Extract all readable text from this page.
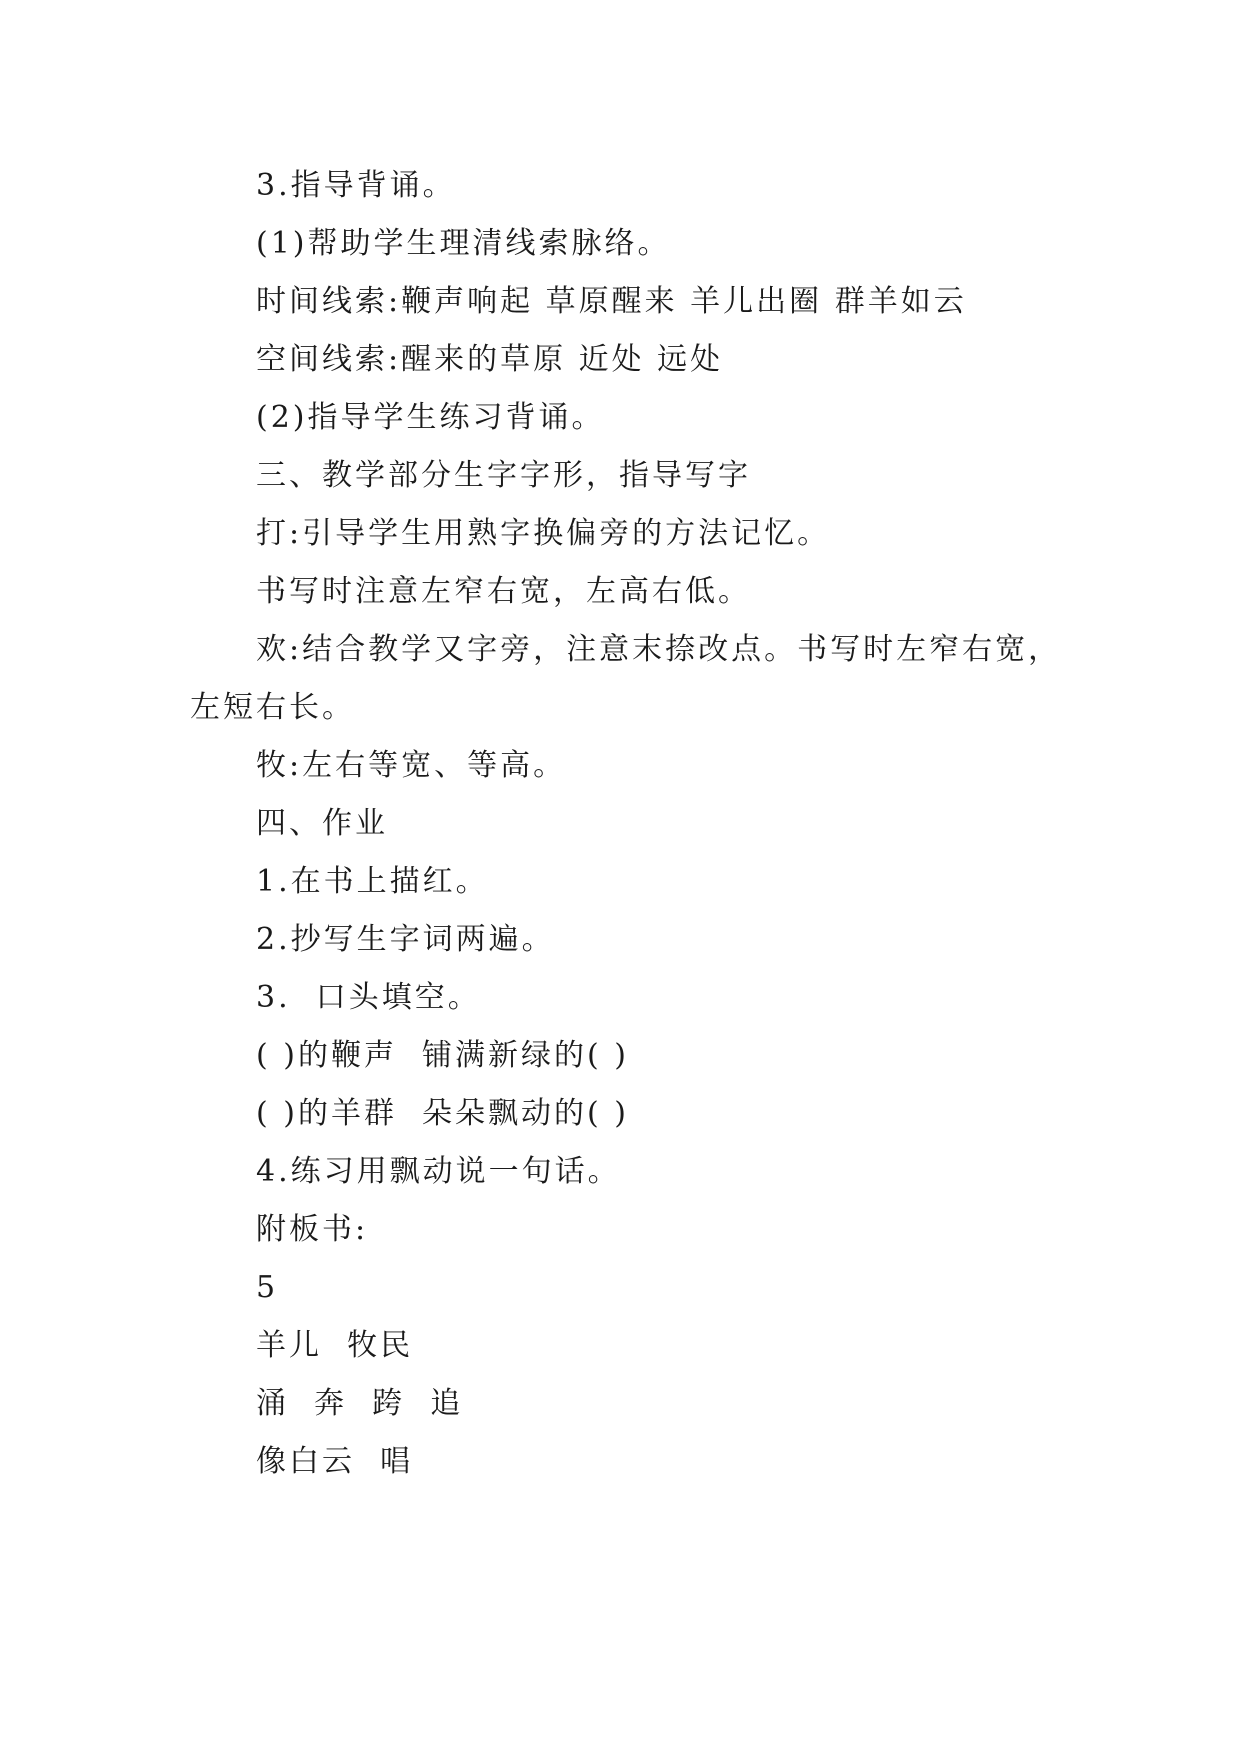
3.指导背诵。
(1)帮助学生理清线索脉络。
时间线索:鞭声响起 草原醒来 羊儿出圈 群羊如云
空间线索:醒来的草原 近处 远处
(2)指导学生练习背诵。
三、教学部分生字字形，指导写字
打:引导学生用熟字换偏旁的方法记忆。
书写时注意左窄右宽，左高右低。
欢:结合教学又字旁，注意末捺改点。书写时左窄右宽，
左短右长。
牧:左右等宽、等高。
四、作业
1.在书上描红。
2.抄写生字词两遍。
3.  口头填空。
( )的鞭声  铺满新绿的( )
( )的羊群  朵朵飘动的( )
4.练习用飘动说一句话。
附板书:
5
羊儿  牧民
涌  奔  跨  追
像白云  唱
